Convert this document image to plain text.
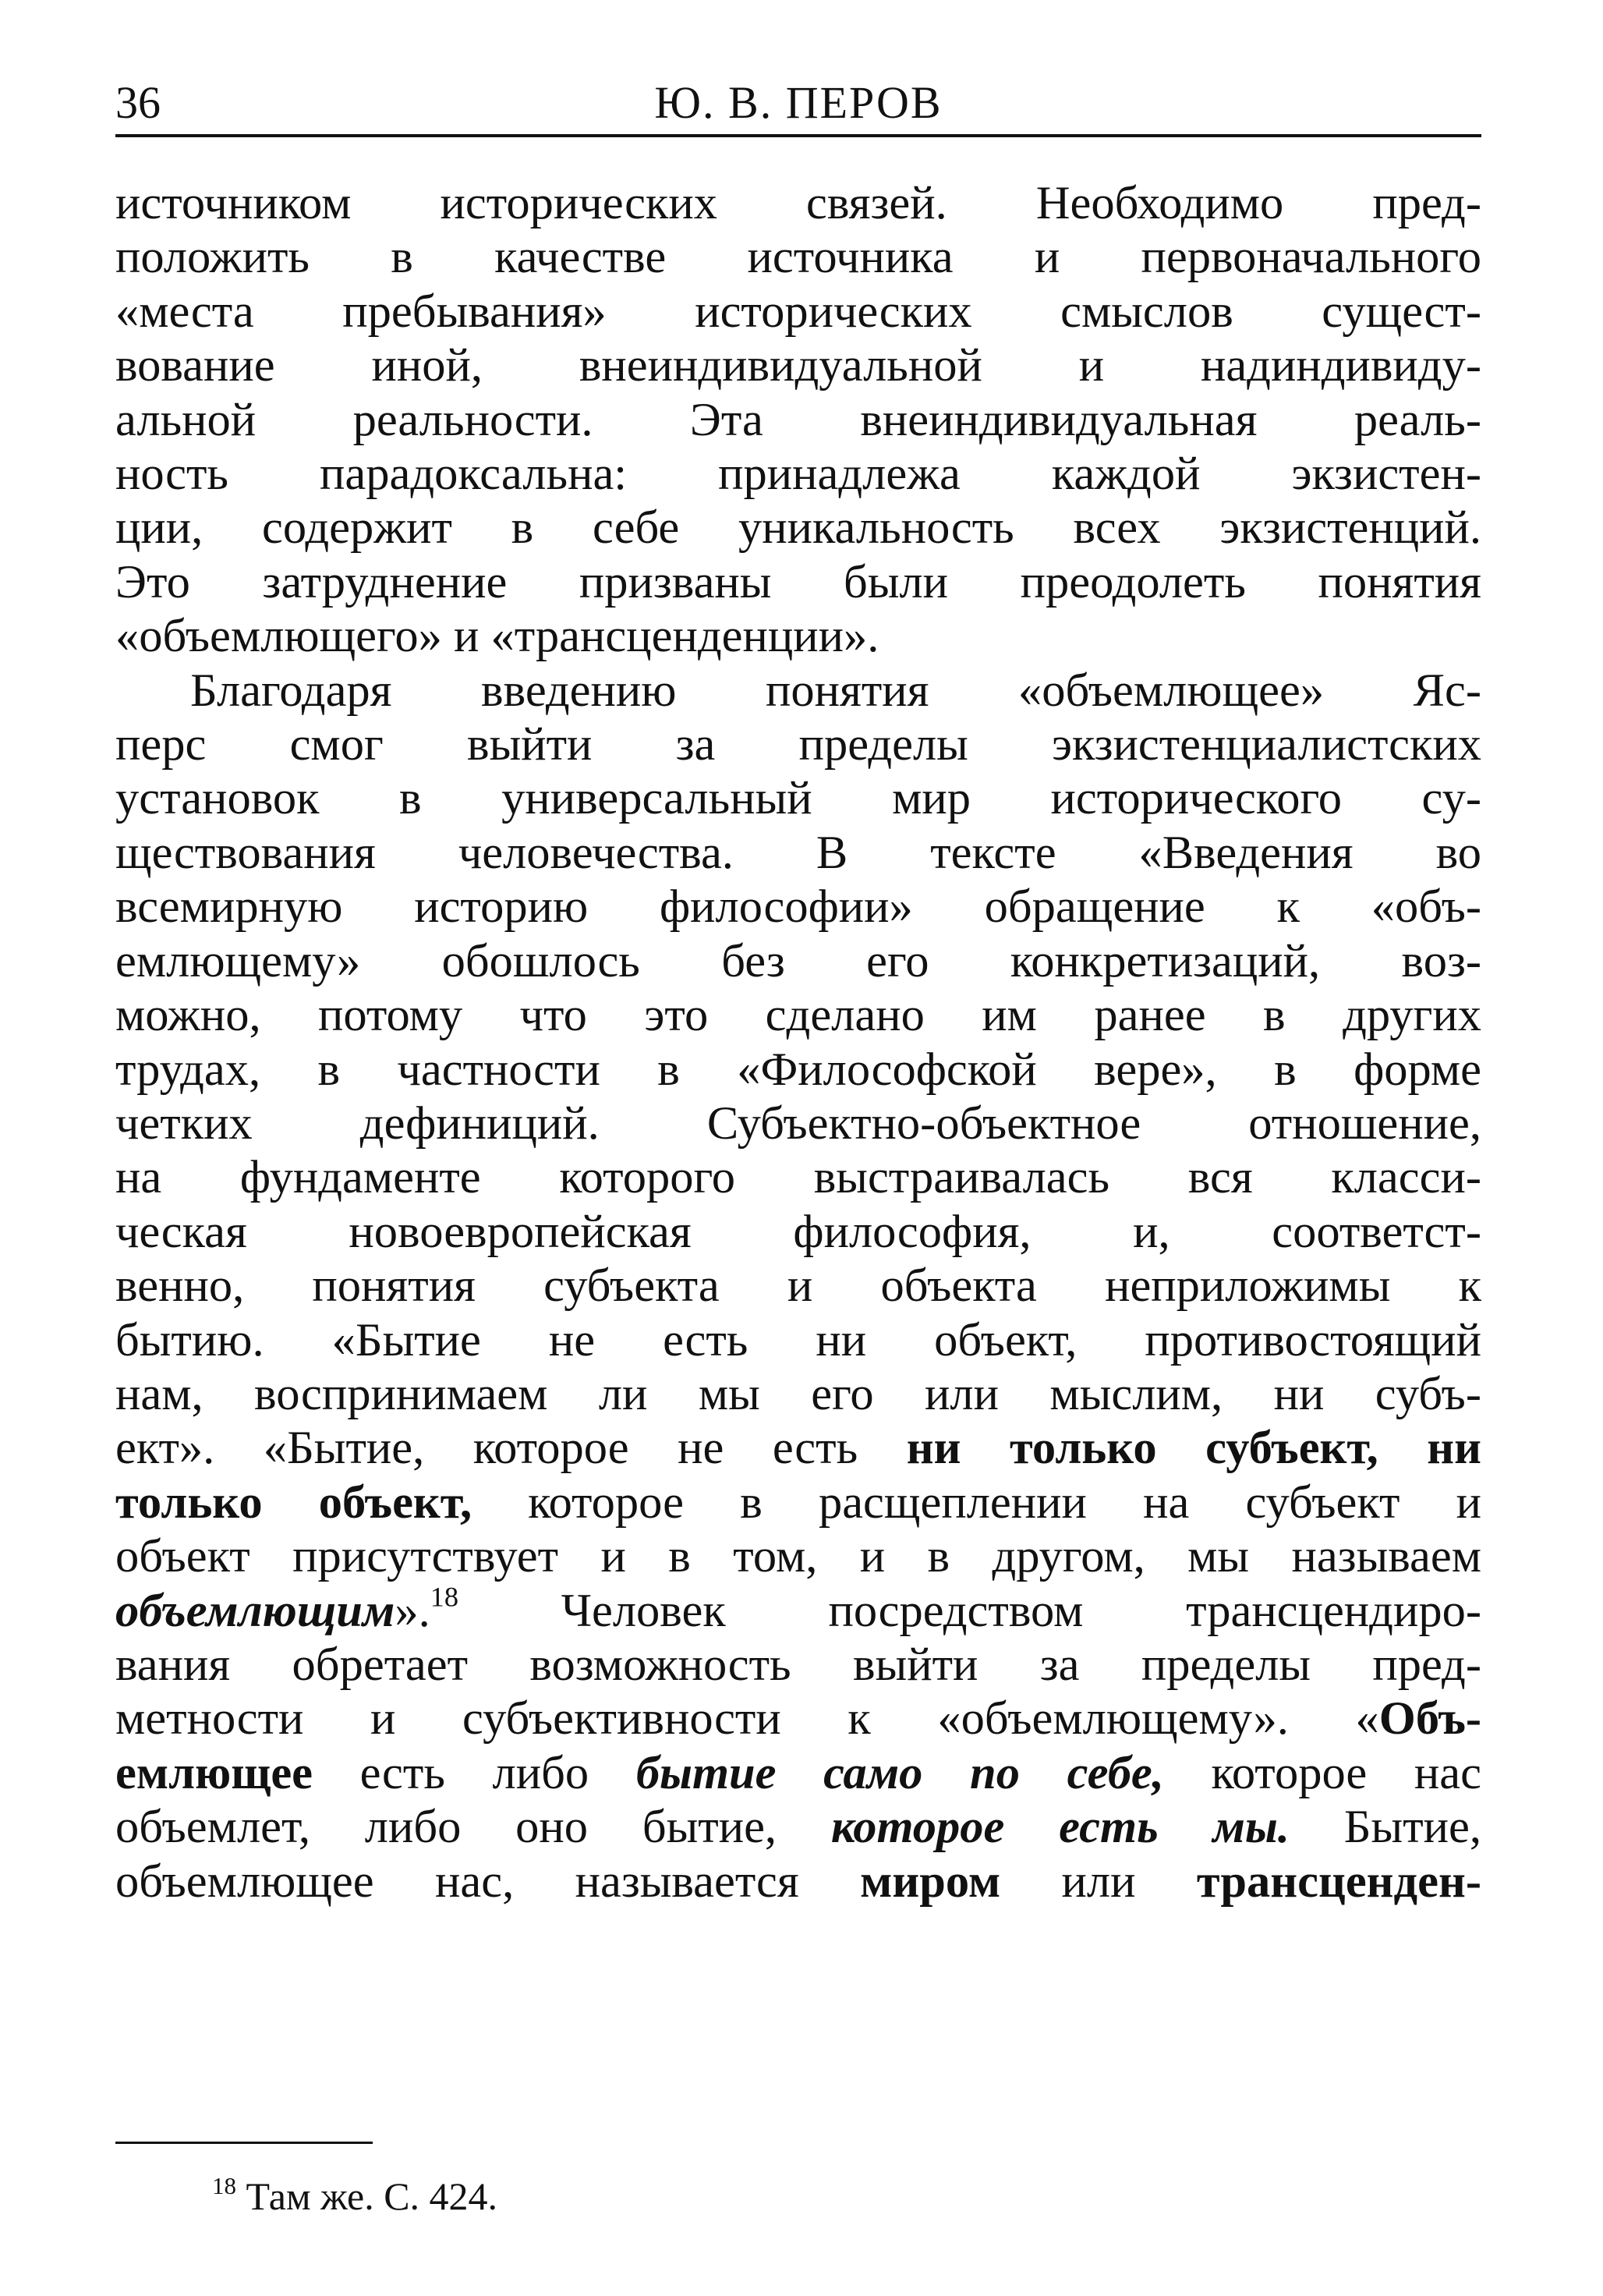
36	Ю. В. ПЕРОВ
источником исторических связей. Необходимо пред-
положить в качестве источника и первоначального
«места пребывания» исторических смыслов сущест-
вование иной, внеиндивидуальной и надиндивиду-
альной реальности. Эта внеиндивидуальная реаль-
ность парадоксальна: принадлежа каждой экзистен-
ции, содержит в себе уникальность всех экзистенций.
Это затруднение призваны были преодолеть понятия
«объемлющего» и «трансценденции».
Благодаря введению понятия «объемлющее» Яс-
перс смог выйти за пределы экзистенциалистских
установок в универсальный мир исторического су-
ществования человечества. В тексте «Введения во
всемирную историю философии» обращение к «объ-
емлющему» обошлось без его конкретизаций, воз-
можно, потому что это сделано им ранее в других
трудах, в частности в «Философской вере», в форме
четких дефиниций. Субъектно-объектное отношение,
на фундаменте которого выстраивалась вся класси-
ческая новоевропейская философия, и, соответст-
венно, понятия субъекта и объекта неприложимы к
бытию. «Бытие не есть ни объект, противостоящий
нам, воспринимаем ли мы его или мыслим, ни субъ-
ект». «Бытие, которое не есть ни только субъект, ни
только объект, которое в расщеплении на субъект и
объект присутствует и в том, и в другом, мы называем
объемлющим».$^{18}$ Человек посредством трансцендиро-
вания обретает возможность выйти за пределы пред-
метности и субъективности к «объемлющему». «Объ-
емлющее есть либо бытие само по себе, которое нас
объемлет, либо оно бытие, которое есть мы. Бытие,
объемлющее нас, называется миром или трансценден-
$^{18}$ Там же. С. 424.
